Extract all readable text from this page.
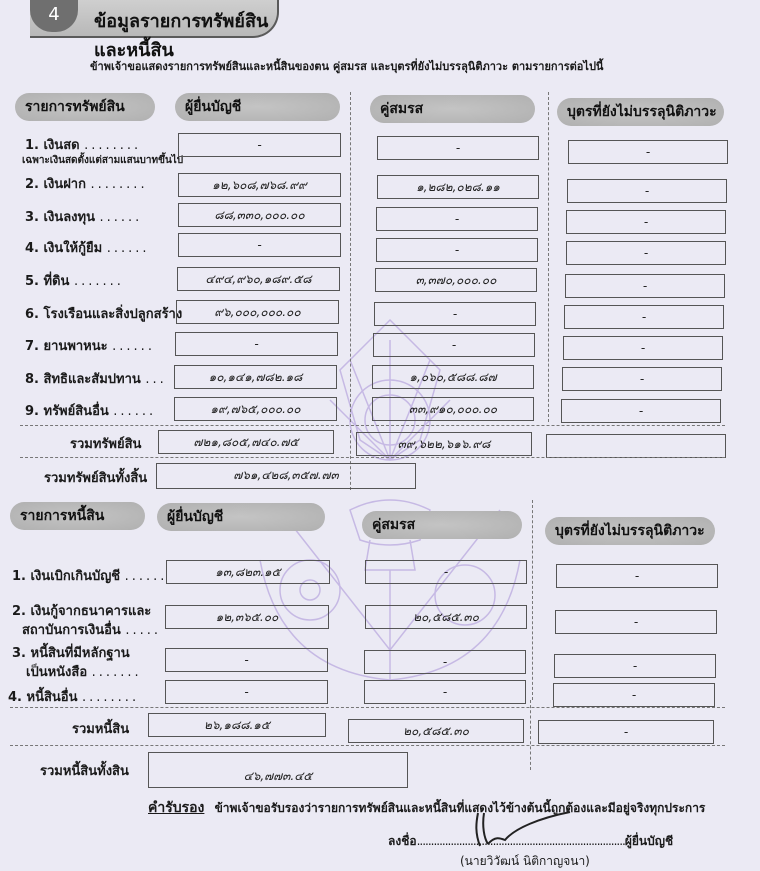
4	ข้อมูลรายการทรัพย์สินและหนี้สิน
ข้าพเจ้าขอแสดงรายการทรัพย์สินและหนี้สินของตน คู่สมรส และบุตรที่ยังไม่บรรลุนิติภาวะ ตามรายการต่อไปนี้
รายการทรัพย์สิน	ผู้ยื่นบัญชี	คู่สมรส	บุตรที่ยังไม่บรรลุนิติภาวะ
1. เงินสด ........
เฉพาะเงินสดตั้งแต่สามแสนบาทขึ้นไป
-	-	-
2. เงินฝาก ........	๑๒,๖๐๘,๗๖๘.๙๙	๑,๒๘๒,๐๒๘.๑๑	-
3. เงินลงทุน ......	๘๘,๓๓๐,๐๐๐.๐๐	-	-
4. เงินให้กู้ยืม ......	-	-	-
5. ที่ดิน .......	๔๙๔,๙๖๐,๑๘๙.๕๘	๓,๓๗๐,๐๐๐.๐๐	-
6. โรงเรือนและสิ่งปลูกสร้าง	๙๖,๐๐๐,๐๐๐.๐๐	-	-
7. ยานพาหนะ ......	-	-	-
8. สิทธิและสัมปทาน ...	๑๐,๑๔๑,๗๘๒.๑๘	๑,๐๖๐,๕๘๘.๘๗	-
9. ทรัพย์สินอื่น ......	๑๙,๗๖๕,๐๐๐.๐๐	๓๓,๙๑๐,๐๐๐.๐๐	-
รวมทรัพย์สิน	๗๒๑,๘๐๕,๗๔๐.๗๕	๓๙,๖๒๒,๖๑๖.๙๘
รวมทรัพย์สินทั้งสิ้น	๗๖๑,๔๒๘,๓๕๗.๗๓
รายการหนี้สิน	ผู้ยื่นบัญชี	คู่สมรส	บุตรที่ยังไม่บรรลุนิติภาวะ
1. เงินเบิกเกินบัญชี ......	๑๓,๘๒๓.๑๕	-	-
2. เงินกู้จากธนาคารและ
สถาบันการเงินอื่น .....
๑๒,๓๖๕.๐๐	๒๐,๕๘๕.๓๐	-
3. หนี้สินที่มีหลักฐาน
เป็นหนังสือ .......
-	-	-
4. หนี้สินอื่น ........	-	-	-
รวมหนี้สิน	๒๖,๑๘๘.๑๕	๒๐,๕๘๕.๓๐	-
รวมหนี้สินทั้งสิน	๔๖,๗๗๓.๔๕
คำรับรอง ข้าพเจ้าขอรับรองว่ารายการทรัพย์สินและหนี้สินที่แสดงไว้ข้างต้นนี้ถูกต้องและมีอยู่จริงทุกประการ
ลงชื่อ..........................................................................ผู้ยื่นบัญชี
(นายวิวัฒน์ นิติกาญจนา)
